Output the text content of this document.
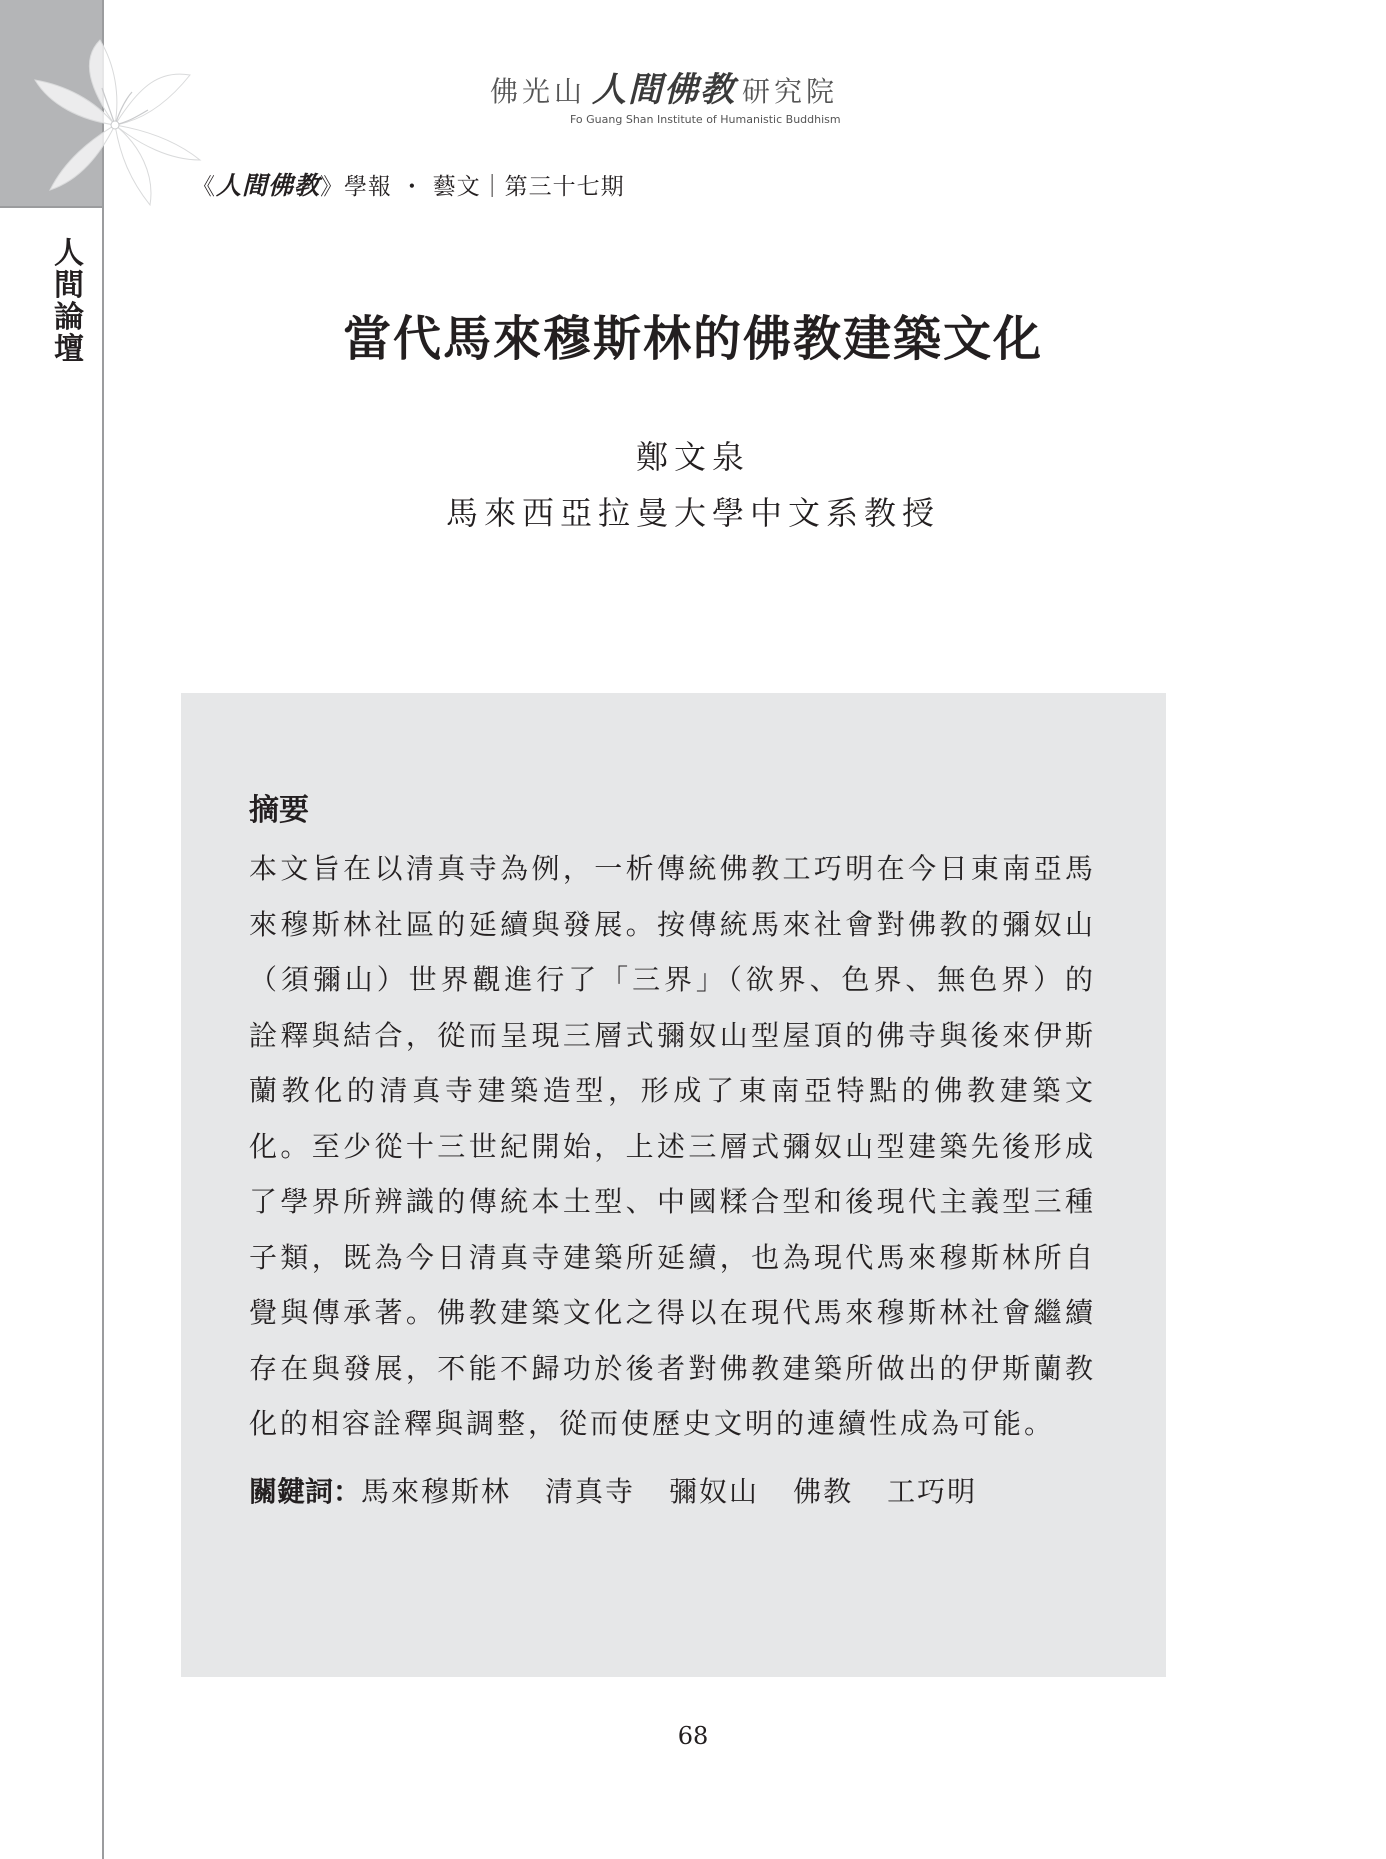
人
間
論
壇
佛光山 人間佛教 研究院
Fo Guang Shan Institute of Humanistic Buddhism
《人間佛教》學報 ・ 藝文｜第三十七期
當代馬來穆斯林的佛教建築文化
鄭文泉
馬來西亞拉曼大學中文系教授
摘要

本文旨在以清真寺為例，一析傳統佛教工巧明在今日東南亞馬來穆斯林社區的延續與發展。按傳統馬來社會對佛教的彌奴山（須彌山）世界觀進行了「三界」（欲界、色界、無色界）的詮釋與結合，從而呈現三層式彌奴山型屋頂的佛寺與後來伊斯蘭教化的清真寺建築造型，形成了東南亞特點的佛教建築文化。至少從十三世紀開始，上述三層式彌奴山型建築先後形成了學界所辨識的傳統本土型、中國糅合型和後現代主義型三種子類，既為今日清真寺建築所延續，也為現代馬來穆斯林所自覺與傳承著。佛教建築文化之得以在現代馬來穆斯林社會繼續存在與發展，不能不歸功於後者對佛教建築所做出的伊斯蘭教化的相容詮釋與調整，從而使歷史文明的連續性成為可能。

關鍵詞：馬來穆斯林 清真寺 彌奴山 佛教 工巧明
68
